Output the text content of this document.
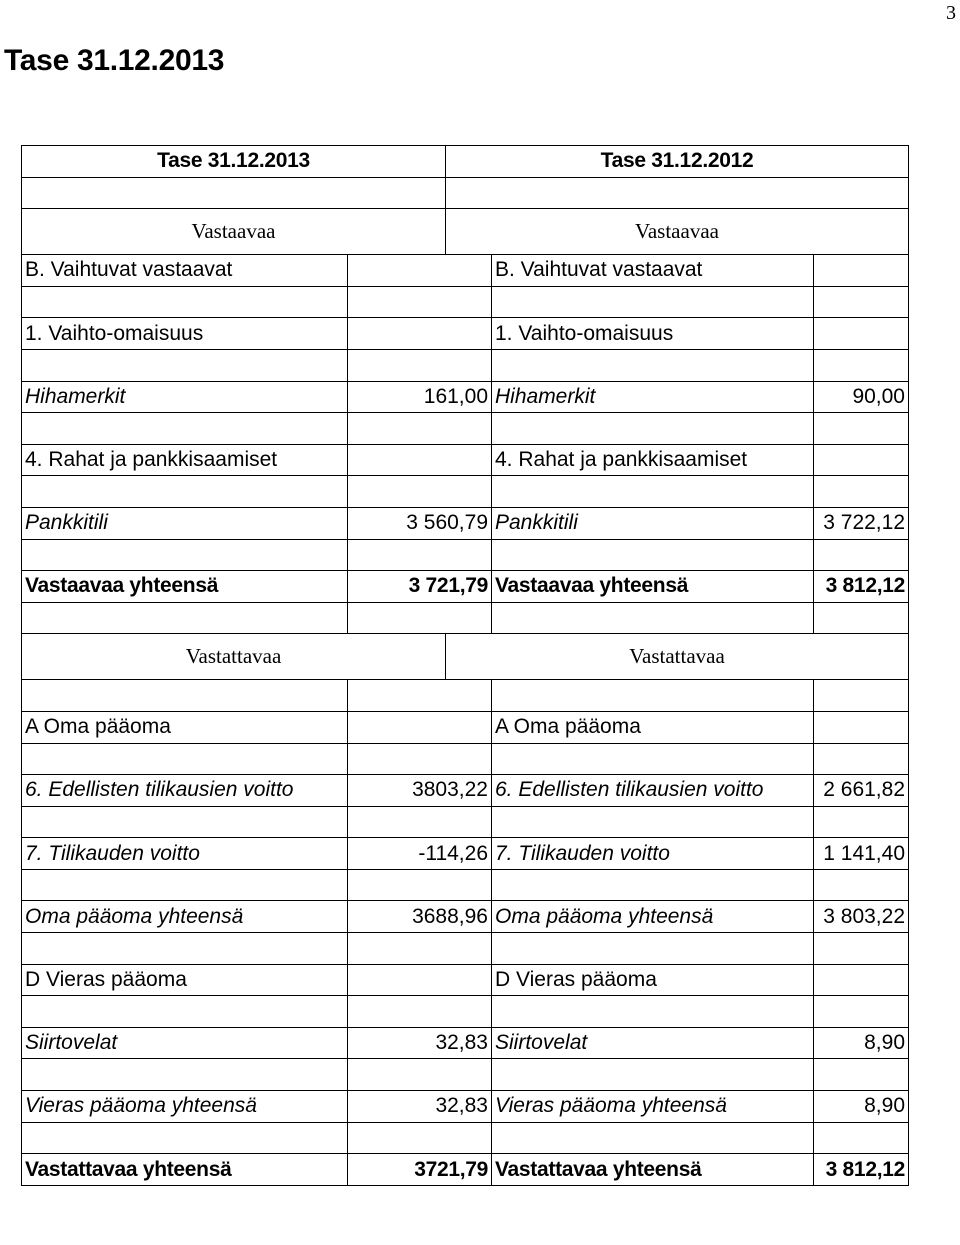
3
Tase 31.12.2013
Tase 31.12.2013		Tase 31.12.2012		

Vastaavaa		Vastaavaa		
B. Vaihtuvat vastaavat			B. Vaihtuvat vastaavat	

1. Vaihto-omaisuus			1. Vaihto-omaisuus	

Hihamerkit	161,00		Hihamerkit	90,00

4. Rahat ja pankkisaamiset			4. Rahat ja pankkisaamiset	

Pankkitili	3 560,79		Pankkitili	3 722,12

Vastaavaa yhteensä	3 721,79		Vastaavaa yhteensä	3 812,12

Vastattavaa		Vastattavaa		

A Oma pääoma			A Oma pääoma	

6. Edellisten tilikausien voitto	3803,22		6. Edellisten tilikausien voitto	2 661,82

7. Tilikauden voitto	-114,26		7. Tilikauden voitto	1 141,40

Oma pääoma yhteensä	3688,96		Oma pääoma yhteensä	3 803,22

D Vieras pääoma			D Vieras pääoma	

Siirtovelat	32,83		Siirtovelat	8,90

Vieras pääoma yhteensä	32,83		Vieras pääoma yhteensä	8,90

Vastattavaa yhteensä	3721,79		Vastattavaa yhteensä	3 812,12
